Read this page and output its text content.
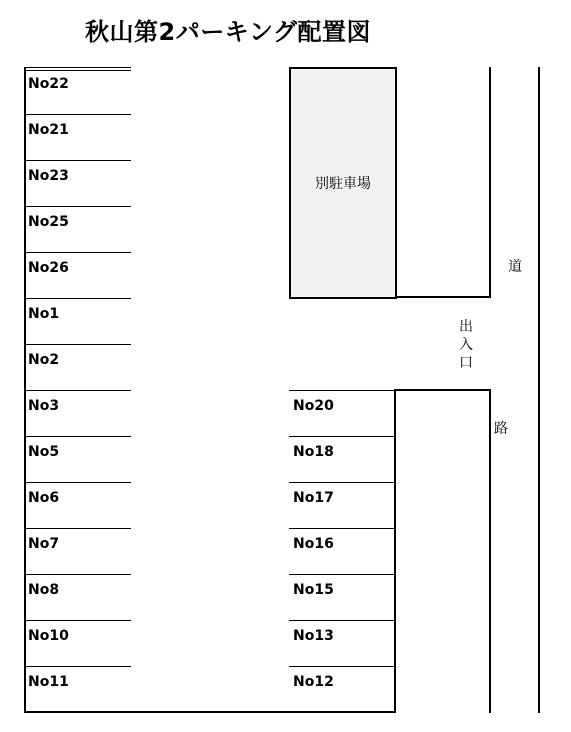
秋山第2パーキング配置図
No22
No21
No23
No25
No26
No1
No2
No3
No5
No6
No7
No8
No10
No11
別駐車場
No20
No18
No17
No16
No15
No13
No12
出
入
口
道
路
